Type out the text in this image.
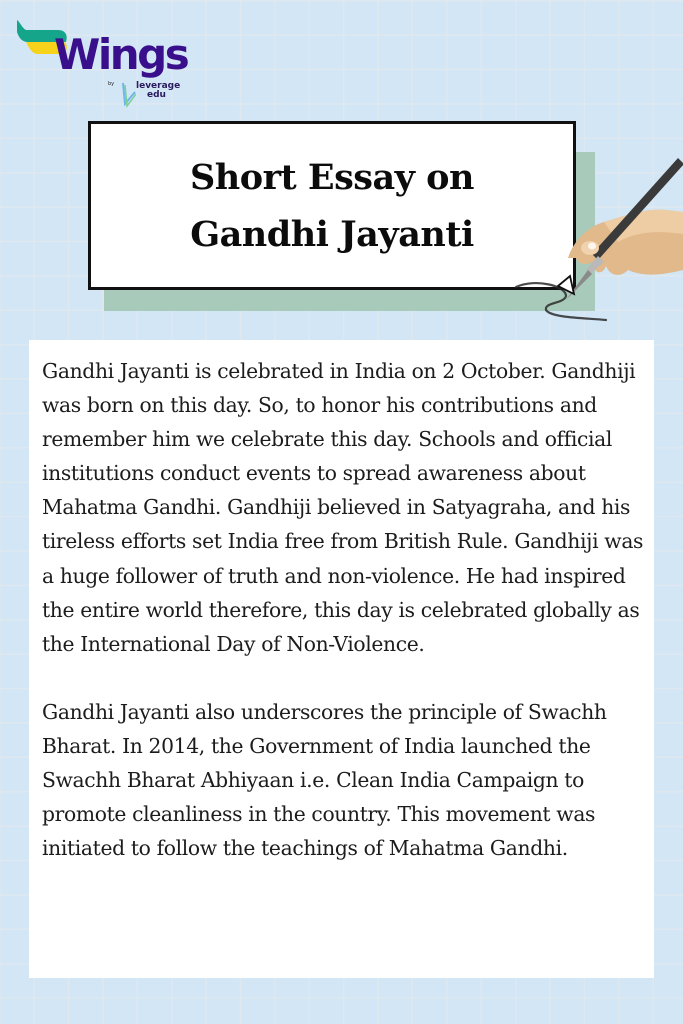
Wings
by leverage
edu
Short Essay on
Gandhi Jayanti

Gandhi Jayanti is celebrated in India on 2 October. Gandhiji was born on this day. So, to honor his contributions and remember him we celebrate this day. Schools and official institutions conduct events to spread awareness about Mahatma Gandhi. Gandhiji believed in Satyagraha, and his tireless efforts set India free from British Rule. Gandhiji was a huge follower of truth and non-violence. He had inspired the entire world therefore, this day is celebrated globally as the International Day of Non-Violence.

Gandhi Jayanti also underscores the principle of Swachh Bharat. In 2014, the Government of India launched the Swachh Bharat Abhiyaan i.e. Clean India Campaign to promote cleanliness in the country. This movement was initiated to follow the teachings of Mahatma Gandhi.
